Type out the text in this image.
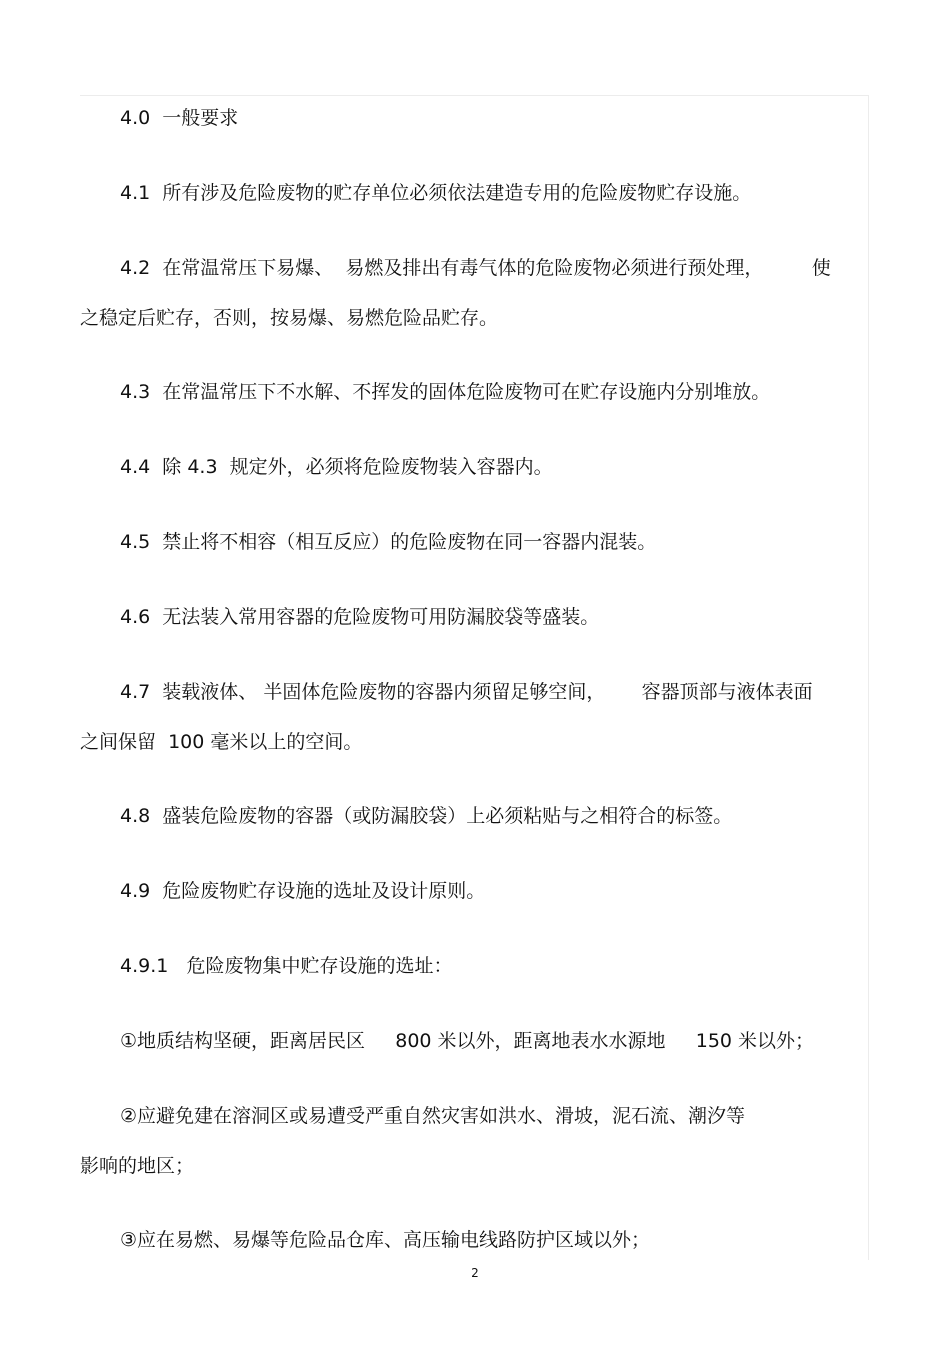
4.0  一般要求
4.1  所有涉及危险废物的贮存单位必须依法建造专用的危险废物贮存设施。
4.2  在常温常压下易爆、  易燃及排出有毒气体的危险废物必须进行预处理，        使
之稳定后贮存，否则，按易爆、易燃危险品贮存。
4.3  在常温常压下不水解、不挥发的固体危险废物可在贮存设施内分别堆放。
4.4  除 4.3  规定外，必须将危险废物装入容器内。
4.5  禁止将不相容（相互反应）的危险废物在同一容器内混装。
4.6  无法装入常用容器的危险废物可用防漏胶袋等盛装。
4.7  装载液体、 半固体危险废物的容器内须留足够空间，      容器顶部与液体表面
之间保留  100 毫米以上的空间。
4.8  盛装危险废物的容器（或防漏胶袋）上必须粘贴与之相符合的标签。
4.9  危险废物贮存设施的选址及设计原则。
4.9.1   危险废物集中贮存设施的选址：
①地质结构坚硬，距离居民区     800 米以外，距离地表水水源地     150 米以外；
②应避免建在溶洞区或易遭受严重自然灾害如洪水、滑坡，泥石流、潮汐等
影响的地区；
③应在易燃、易爆等危险品仓库、高压输电线路防护区域以外；
2
